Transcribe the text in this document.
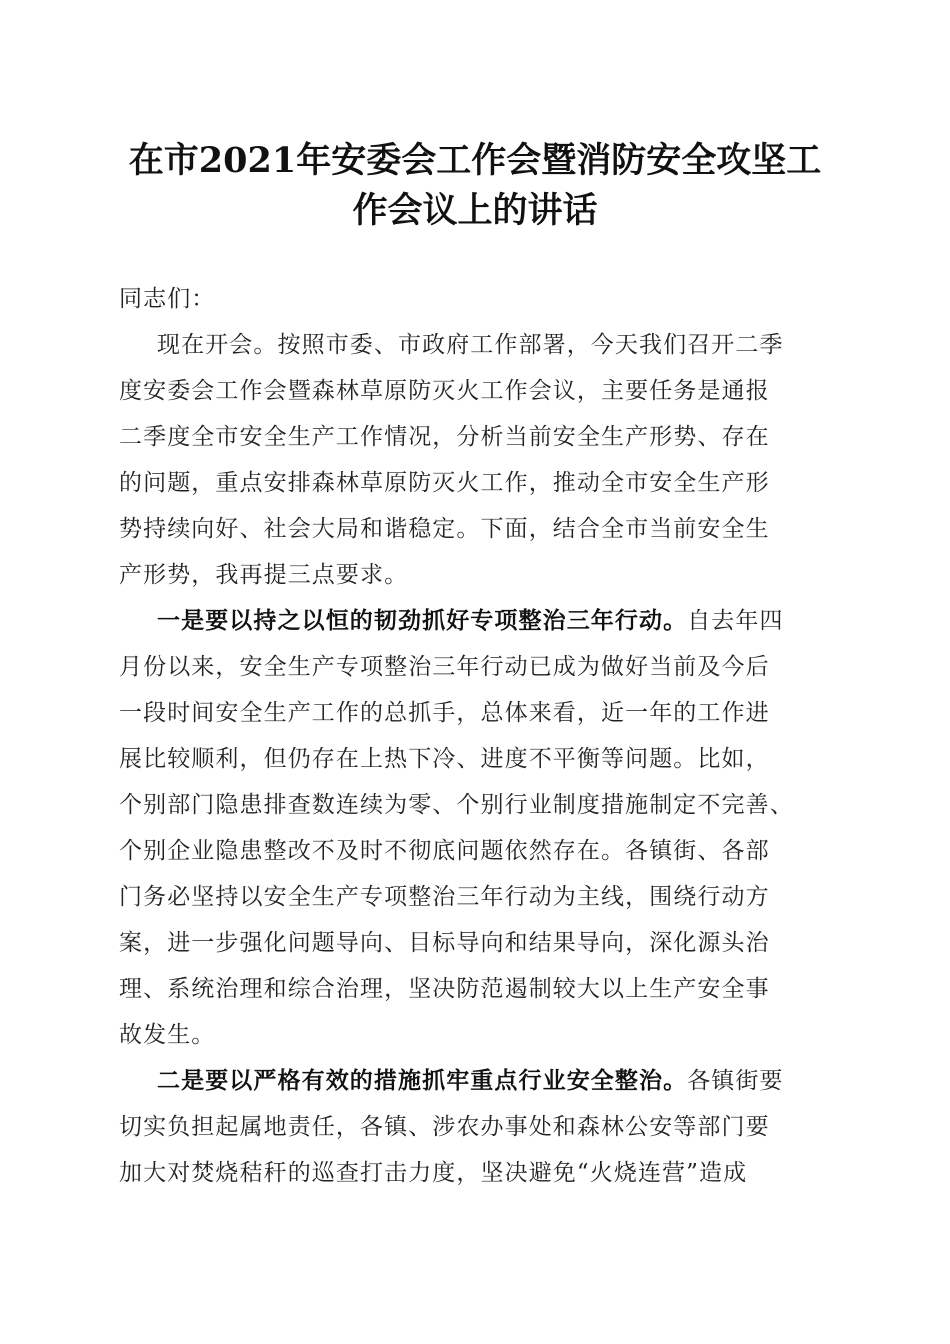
在市2021年安委会工作会暨消防安全攻坚工
作会议上的讲话
同志们：
现在开会。按照市委、市政府工作部署，今天我们召开二季
度安委会工作会暨森林草原防灭火工作会议，主要任务是通报
二季度全市安全生产工作情况，分析当前安全生产形势、存在
的问题，重点安排森林草原防灭火工作，推动全市安全生产形
势持续向好、社会大局和谐稳定。下面，结合全市当前安全生
产形势，我再提三点要求。
一是要以持之以恒的韧劲抓好专项整治三年行动。自去年四
月份以来，安全生产专项整治三年行动已成为做好当前及今后
一段时间安全生产工作的总抓手，总体来看，近一年的工作进
展比较顺利，但仍存在上热下冷、进度不平衡等问题。比如，
个别部门隐患排查数连续为零、个别行业制度措施制定不完善、
个别企业隐患整改不及时不彻底问题依然存在。各镇街、各部
门务必坚持以安全生产专项整治三年行动为主线，围绕行动方
案，进一步强化问题导向、目标导向和结果导向，深化源头治
理、系统治理和综合治理，坚决防范遏制较大以上生产安全事
故发生。
二是要以严格有效的措施抓牢重点行业安全整治。各镇街要
切实负担起属地责任，各镇、涉农办事处和森林公安等部门要
加大对焚烧秸秆的巡查打击力度，坚决避免“火烧连营”造成
